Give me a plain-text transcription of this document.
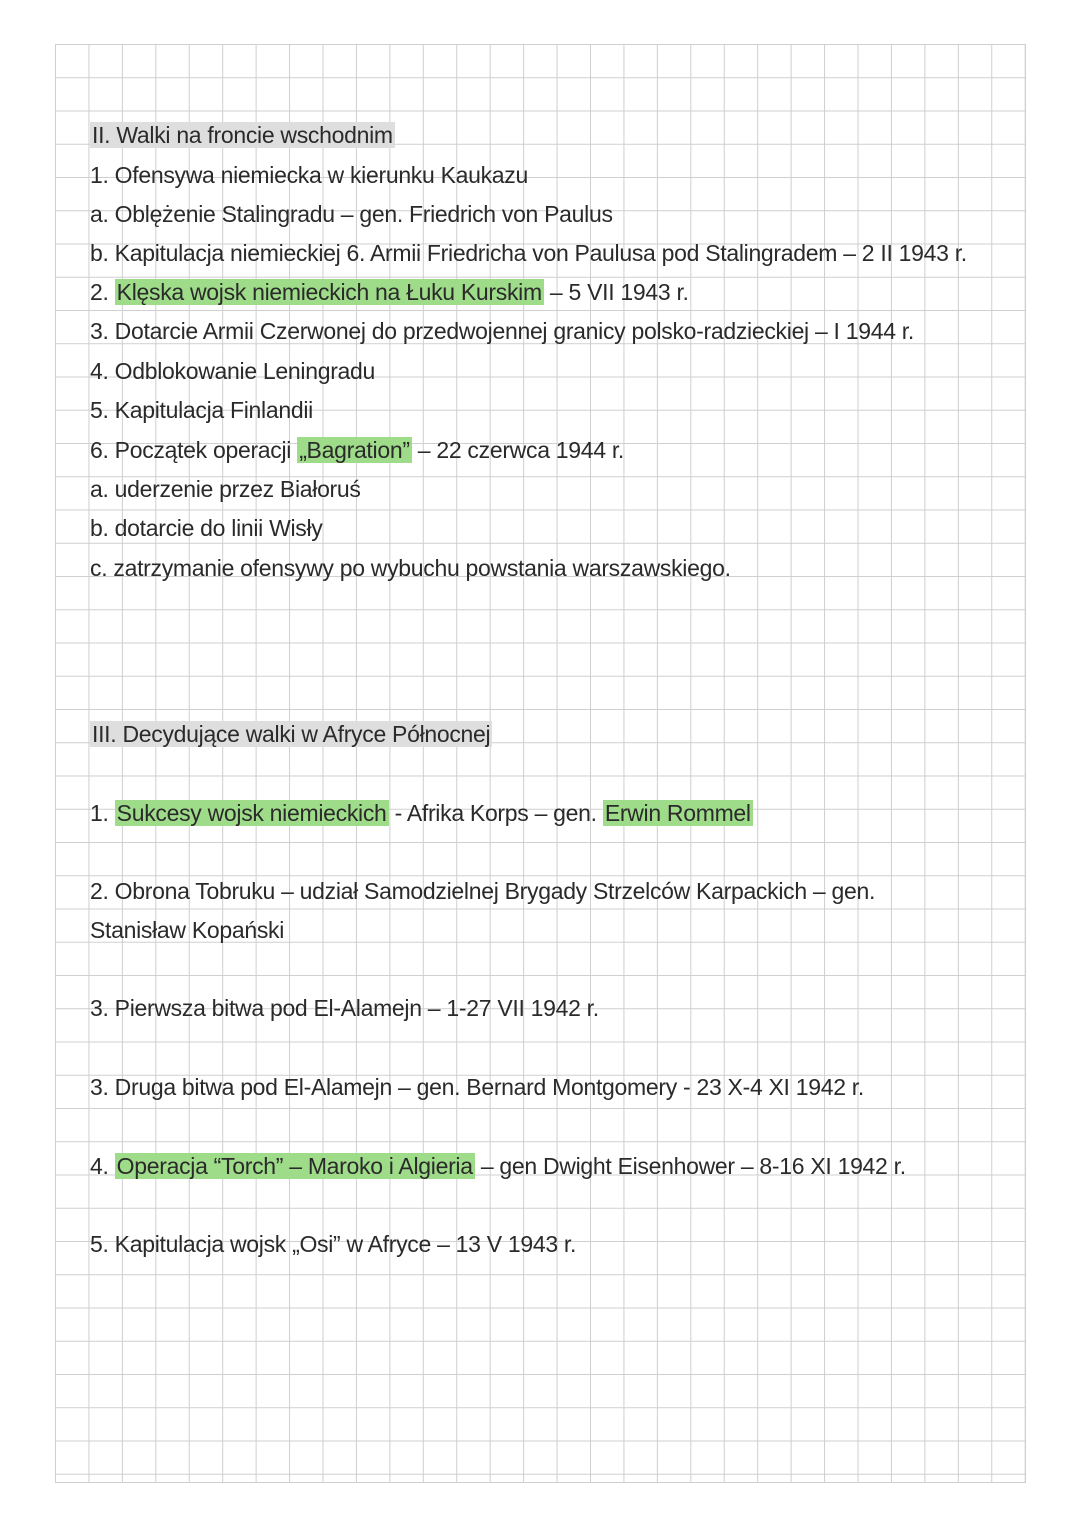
II. Walki na froncie wschodnim
1. Ofensywa niemiecka w kierunku Kaukazu
a. Oblężenie Stalingradu – gen. Friedrich von Paulus
b. Kapitulacja niemieckiej 6. Armii Friedricha von Paulusa pod Stalingradem – 2 II 1943 r.
2. Klęska wojsk niemieckich na Łuku Kurskim – 5 VII 1943 r.
3. Dotarcie Armii Czerwonej do przedwojennej granicy polsko-radzieckiej – I 1944 r.
4. Odblokowanie Leningradu
5. Kapitulacja Finlandii
6. Początek operacji „Bagration” – 22 czerwca 1944 r.
a. uderzenie przez Białoruś
b. dotarcie do linii Wisły
c. zatrzymanie ofensywy po wybuchu powstania warszawskiego.
III. Decydujące walki w Afryce Północnej
1. Sukcesy wojsk niemieckich - Afrika Korps – gen. Erwin Rommel
2. Obrona Tobruku – udział Samodzielnej Brygady Strzelców Karpackich – gen.
Stanisław Kopański
3. Pierwsza bitwa pod El-Alamejn – 1-27 VII 1942 r.
3. Druga bitwa pod El-Alamejn – gen. Bernard Montgomery - 23 X-4 XI 1942 r.
4. Operacja “Torch” – Maroko i Algieria – gen Dwight Eisenhower – 8-16 XI 1942 r.
5. Kapitulacja wojsk „Osi” w Afryce – 13 V 1943 r.
